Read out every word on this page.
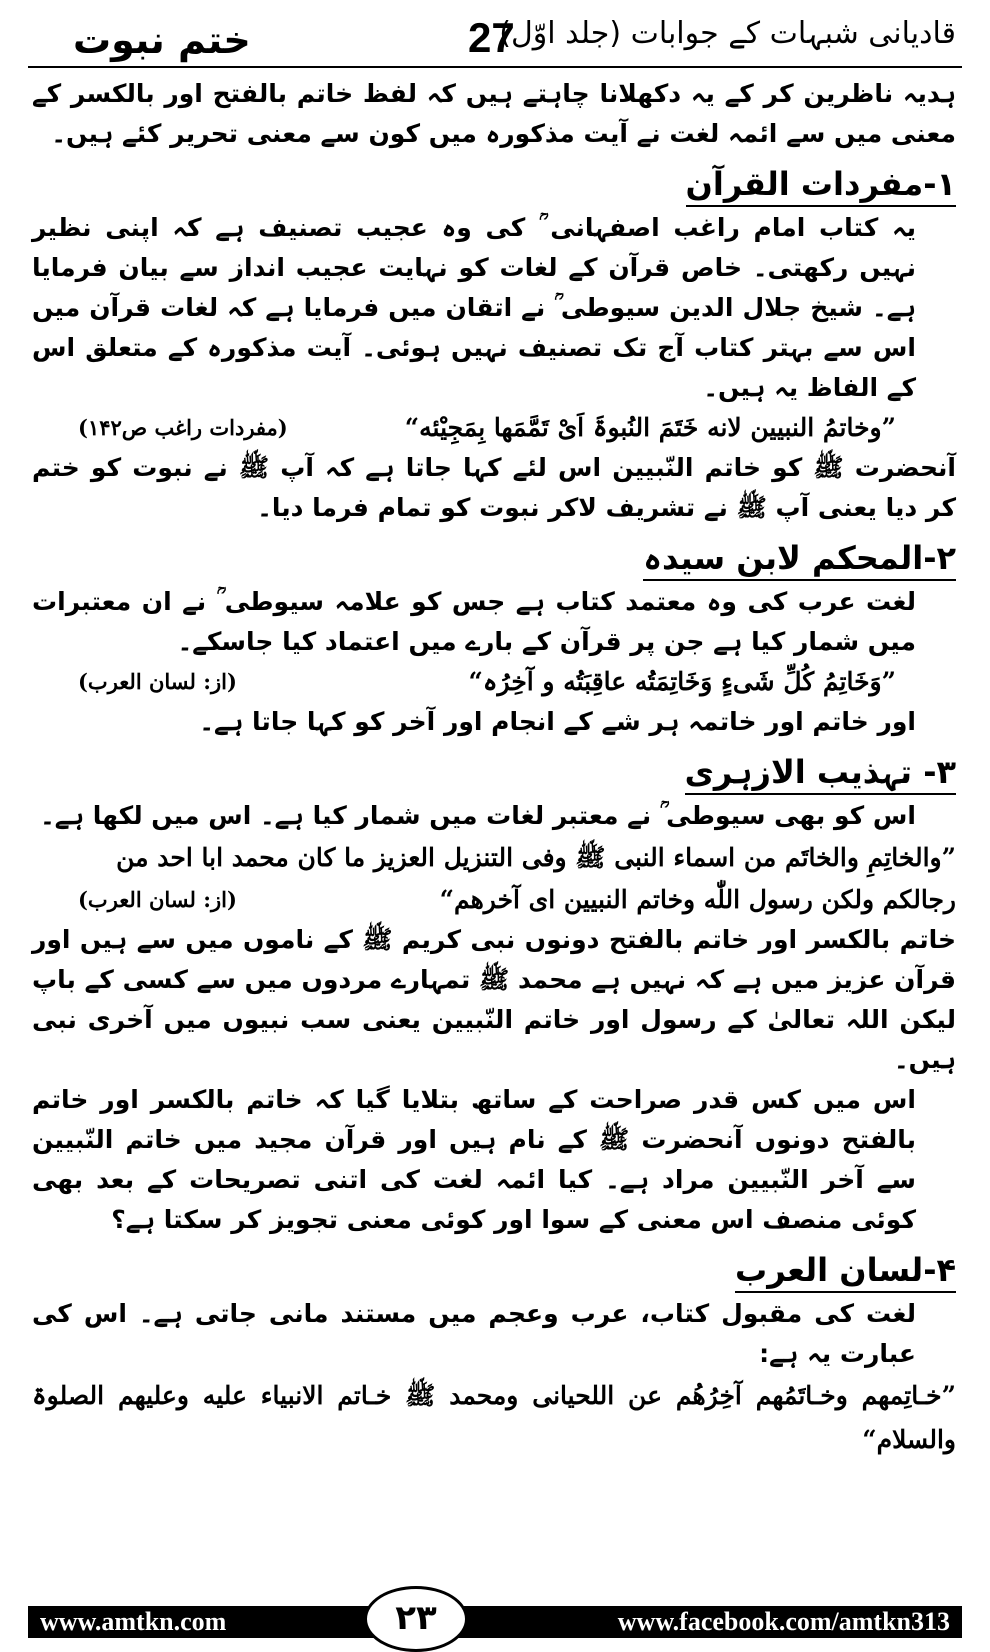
ختم نبوت	27
قادیانی شبہات کے جوابات (جلد اوّل)

ہدیہ ناظرین کر کے یہ دکھلانا چاہتے ہیں کہ لفظ خاتم بالفتح اور بالکسر کے معنی میں سے ائمہ لغت نے آیت مذکورہ میں کون سے معنی تحریر کئے ہیں۔

۱-مفردات القرآن

یہ کتاب امام راغب اصفہانی ؒ کی وہ عجیب تصنیف ہے کہ اپنی نظیر نہیں رکھتی۔ خاص قرآن کے لغات کو نہایت عجیب انداز سے بیان فرمایا ہے۔ شیخ جلال الدین سیوطی ؒ نے اتقان میں فرمایا ہے کہ لغات قرآن میں اس سے بہتر کتاب آج تک تصنیف نہیں ہوئی۔ آیت مذکورہ کے متعلق اس کے الفاظ یہ ہیں۔

”وخاتمُ النبیین لانه خَتَمَ النُبوۃَ اَیْ تَمَّمَها بِمَجِیْئه“
(مفردات راغب ص۱۴۲)

آنحضرت ﷺ کو خاتم النّبیین اس لئے کہا جاتا ہے کہ آپ ﷺ نے نبوت کو ختم کر دیا یعنی آپ ﷺ نے تشریف لاکر نبوت کو تمام فرما دیا۔

۲-المحکم لابن سیدہ

لغت عرب کی وہ معتمد کتاب ہے جس کو علامہ سیوطی ؒ نے ان معتبرات میں شمار کیا ہے جن پر قرآن کے بارے میں اعتماد کیا جاسکے۔

”وَخَاتِمُ کُلِّ شَیءٍ وَخَاتِمَتُه عاقِبَتُه و آخِرُہ“
(از: لسان العرب)

اور خاتم اور خاتمہ ہر شے کے انجام اور آخر کو کہا جاتا ہے۔

۳- تہذیب الازہری

اس کو بھی سیوطی ؒ نے معتبر لغات میں شمار کیا ہے۔ اس میں لکھا ہے۔

”والخاتِمِ والخاتَم من اسماء النبی ﷺ وفی التنزیل العزیز ما کان محمد ابا احد من

رجالکم ولکن رسول اللّٰه وخاتم النبیین ای آخرهم“
(از: لسان العرب)

خاتم بالکسر اور خاتم بالفتح دونوں نبی کریم ﷺ کے ناموں میں سے ہیں اور قرآن عزیز میں ہے کہ نہیں ہے محمد ﷺ تمہارے مردوں میں سے کسی کے باپ لیکن اللہ تعالیٰ کے رسول اور خاتم النّبیین یعنی سب نبیوں میں آخری نبی ہیں۔

اس میں کس قدر صراحت کے ساتھ بتلایا گیا کہ خاتم بالکسر اور خاتم بالفتح دونوں آنحضرت ﷺ کے نام ہیں اور قرآن مجید میں خاتم النّبیین سے آخر النّبیین مراد ہے۔ کیا ائمہ لغت کی اتنی تصریحات کے بعد بھی کوئی منصف اس معنی کے سوا اور کوئی معنی تجویز کر سکتا ہے؟

۴-لسان العرب

لغت کی مقبول کتاب، عرب وعجم میں مستند مانی جاتی ہے۔ اس کی عبارت یہ ہے:

”خـاتِمهم وخـاتَمُهم آخِرُهُم عن اللحیانی ومحمد ﷺ خـاتم الانبیاء علیه وعلیهم الصلوۃ والسلام“

www.amtkn.com	www.facebook.com/amtkn313
۲۳
